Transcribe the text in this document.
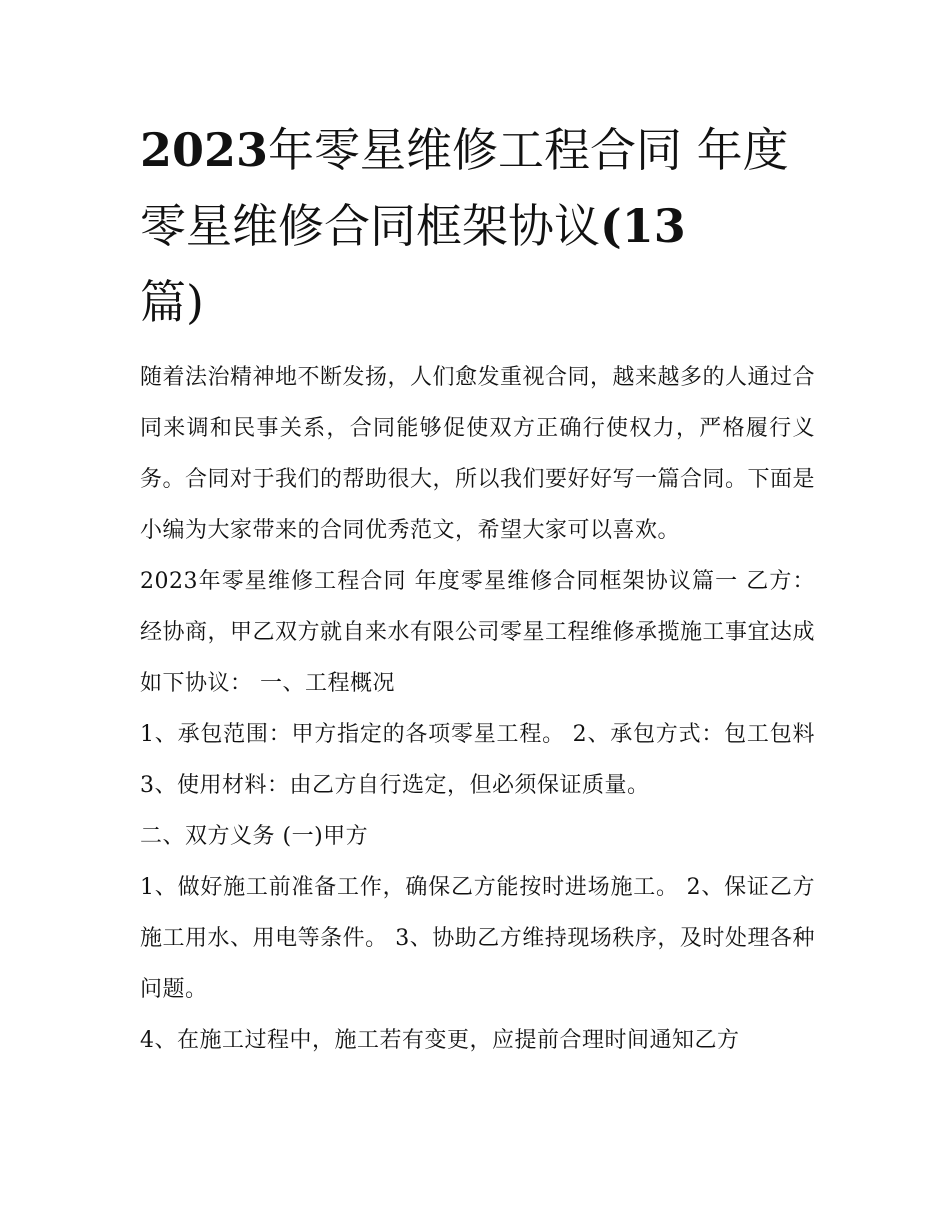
2023年零星维修工程合同 年度零星维修合同框架协议(13
篇)

随着法治精神地不断发扬，人们愈发重视合同，越来越多的人通过合同来调和民事关系，合同能够促使双方正确行使权力，严格履行义务。合同对于我们的帮助很大，所以我们要好好写一篇合同。下面是小编为大家带来的合同优秀范文，希望大家可以喜欢。

2023年零星维修工程合同 年度零星维修合同框架协议篇一 乙方： 经协商，甲乙双方就自来水有限公司零星工程维修承揽施工事宜达成如下协议： 一、工程概况

1、承包范围：甲方指定的各项零星工程。 2、承包方式：包工包料 3、使用材料：由乙方自行选定，但必须保证质量。

二、双方义务 (一)甲方

1、做好施工前准备工作，确保乙方能按时进场施工。 2、保证乙方施工用水、用电等条件。 3、协助乙方维持现场秩序，及时处理各种问题。

4、在施工过程中，施工若有变更，应提前合理时间通知乙方
